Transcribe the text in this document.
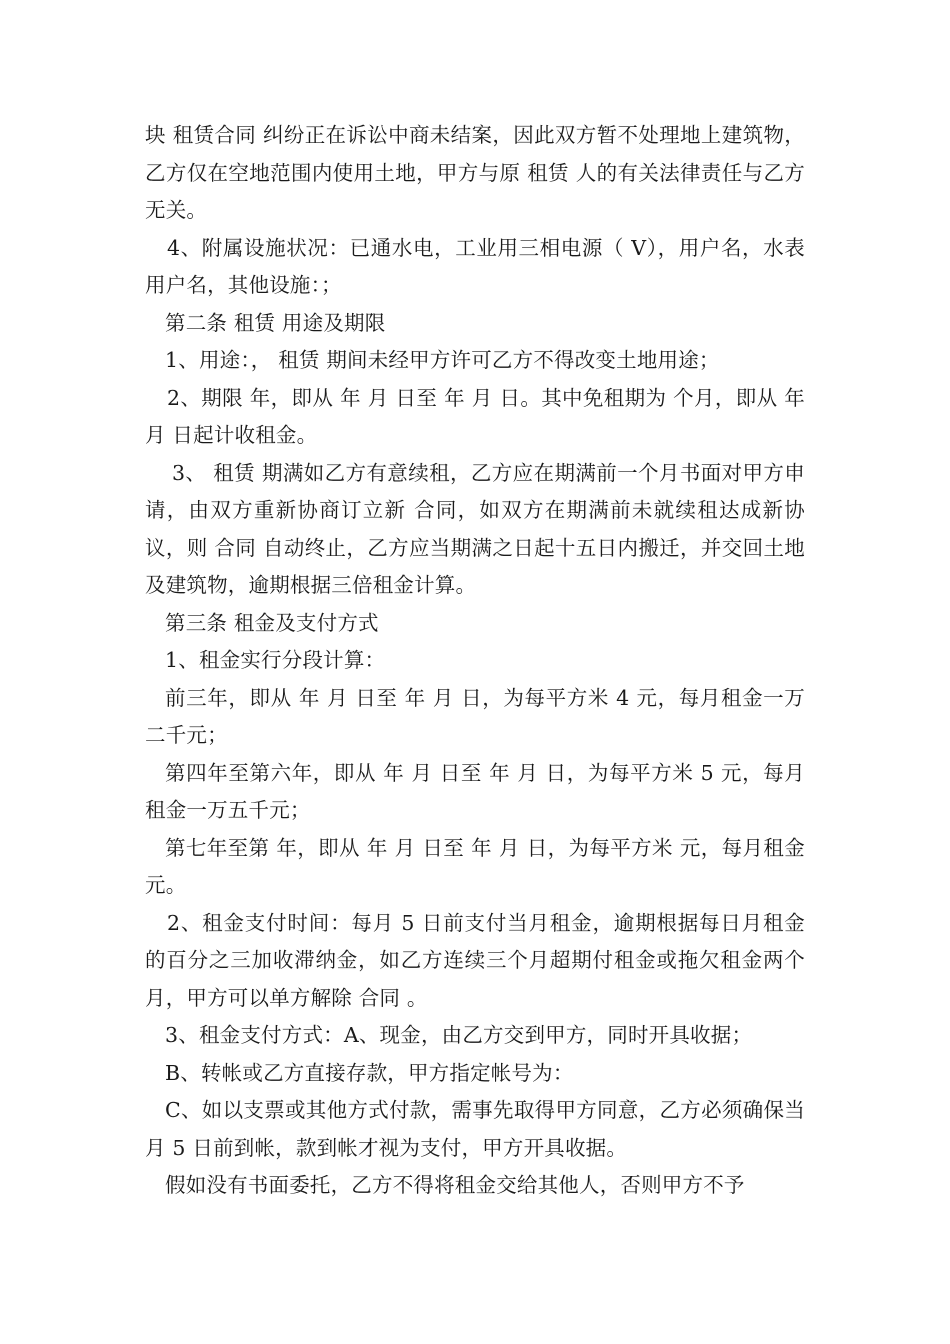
块 租赁合同 纠纷正在诉讼中商未结案，因此双方暂不处理地上建筑物，乙方仅在空地范围内使用土地，甲方与原 租赁 人的有关法律责任与乙方无关。

4、附属设施状况：已通水电，工业用三相电源（ V），用户名，水表用户名，其他设施：；

第二条 租赁 用途及期限

1、用途：， 租赁 期间未经甲方许可乙方不得改变土地用途；

2、期限 年，即从 年 月 日至 年 月 日。其中免租期为 个月，即从 年 月 日起计收租金。

3、 租赁 期满如乙方有意续租，乙方应在期满前一个月书面对甲方申请，由双方重新协商订立新 合同，如双方在期满前未就续租达成新协议，则 合同 自动终止，乙方应当期满之日起十五日内搬迁，并交回土地及建筑物，逾期根据三倍租金计算。

第三条 租金及支付方式

1、租金实行分段计算：

前三年，即从 年 月 日至 年 月 日，为每平方米 4 元，每月租金一万二千元；

第四年至第六年，即从 年 月 日至 年 月 日，为每平方米 5 元，每月租金一万五千元；

第七年至第 年，即从 年 月 日至 年 月 日，为每平方米 元，每月租金 元。

2、租金支付时间：每月 5 日前支付当月租金，逾期根据每日月租金的百分之三加收滞纳金，如乙方连续三个月超期付租金或拖欠租金两个月，甲方可以单方解除 合同 。

3、租金支付方式：A、现金，由乙方交到甲方，同时开具收据；

B、转帐或乙方直接存款，甲方指定帐号为：

C、如以支票或其他方式付款，需事先取得甲方同意，乙方必须确保当月 5 日前到帐，款到帐才视为支付，甲方开具收据。

假如没有书面委托，乙方不得将租金交给其他人，否则甲方不予
